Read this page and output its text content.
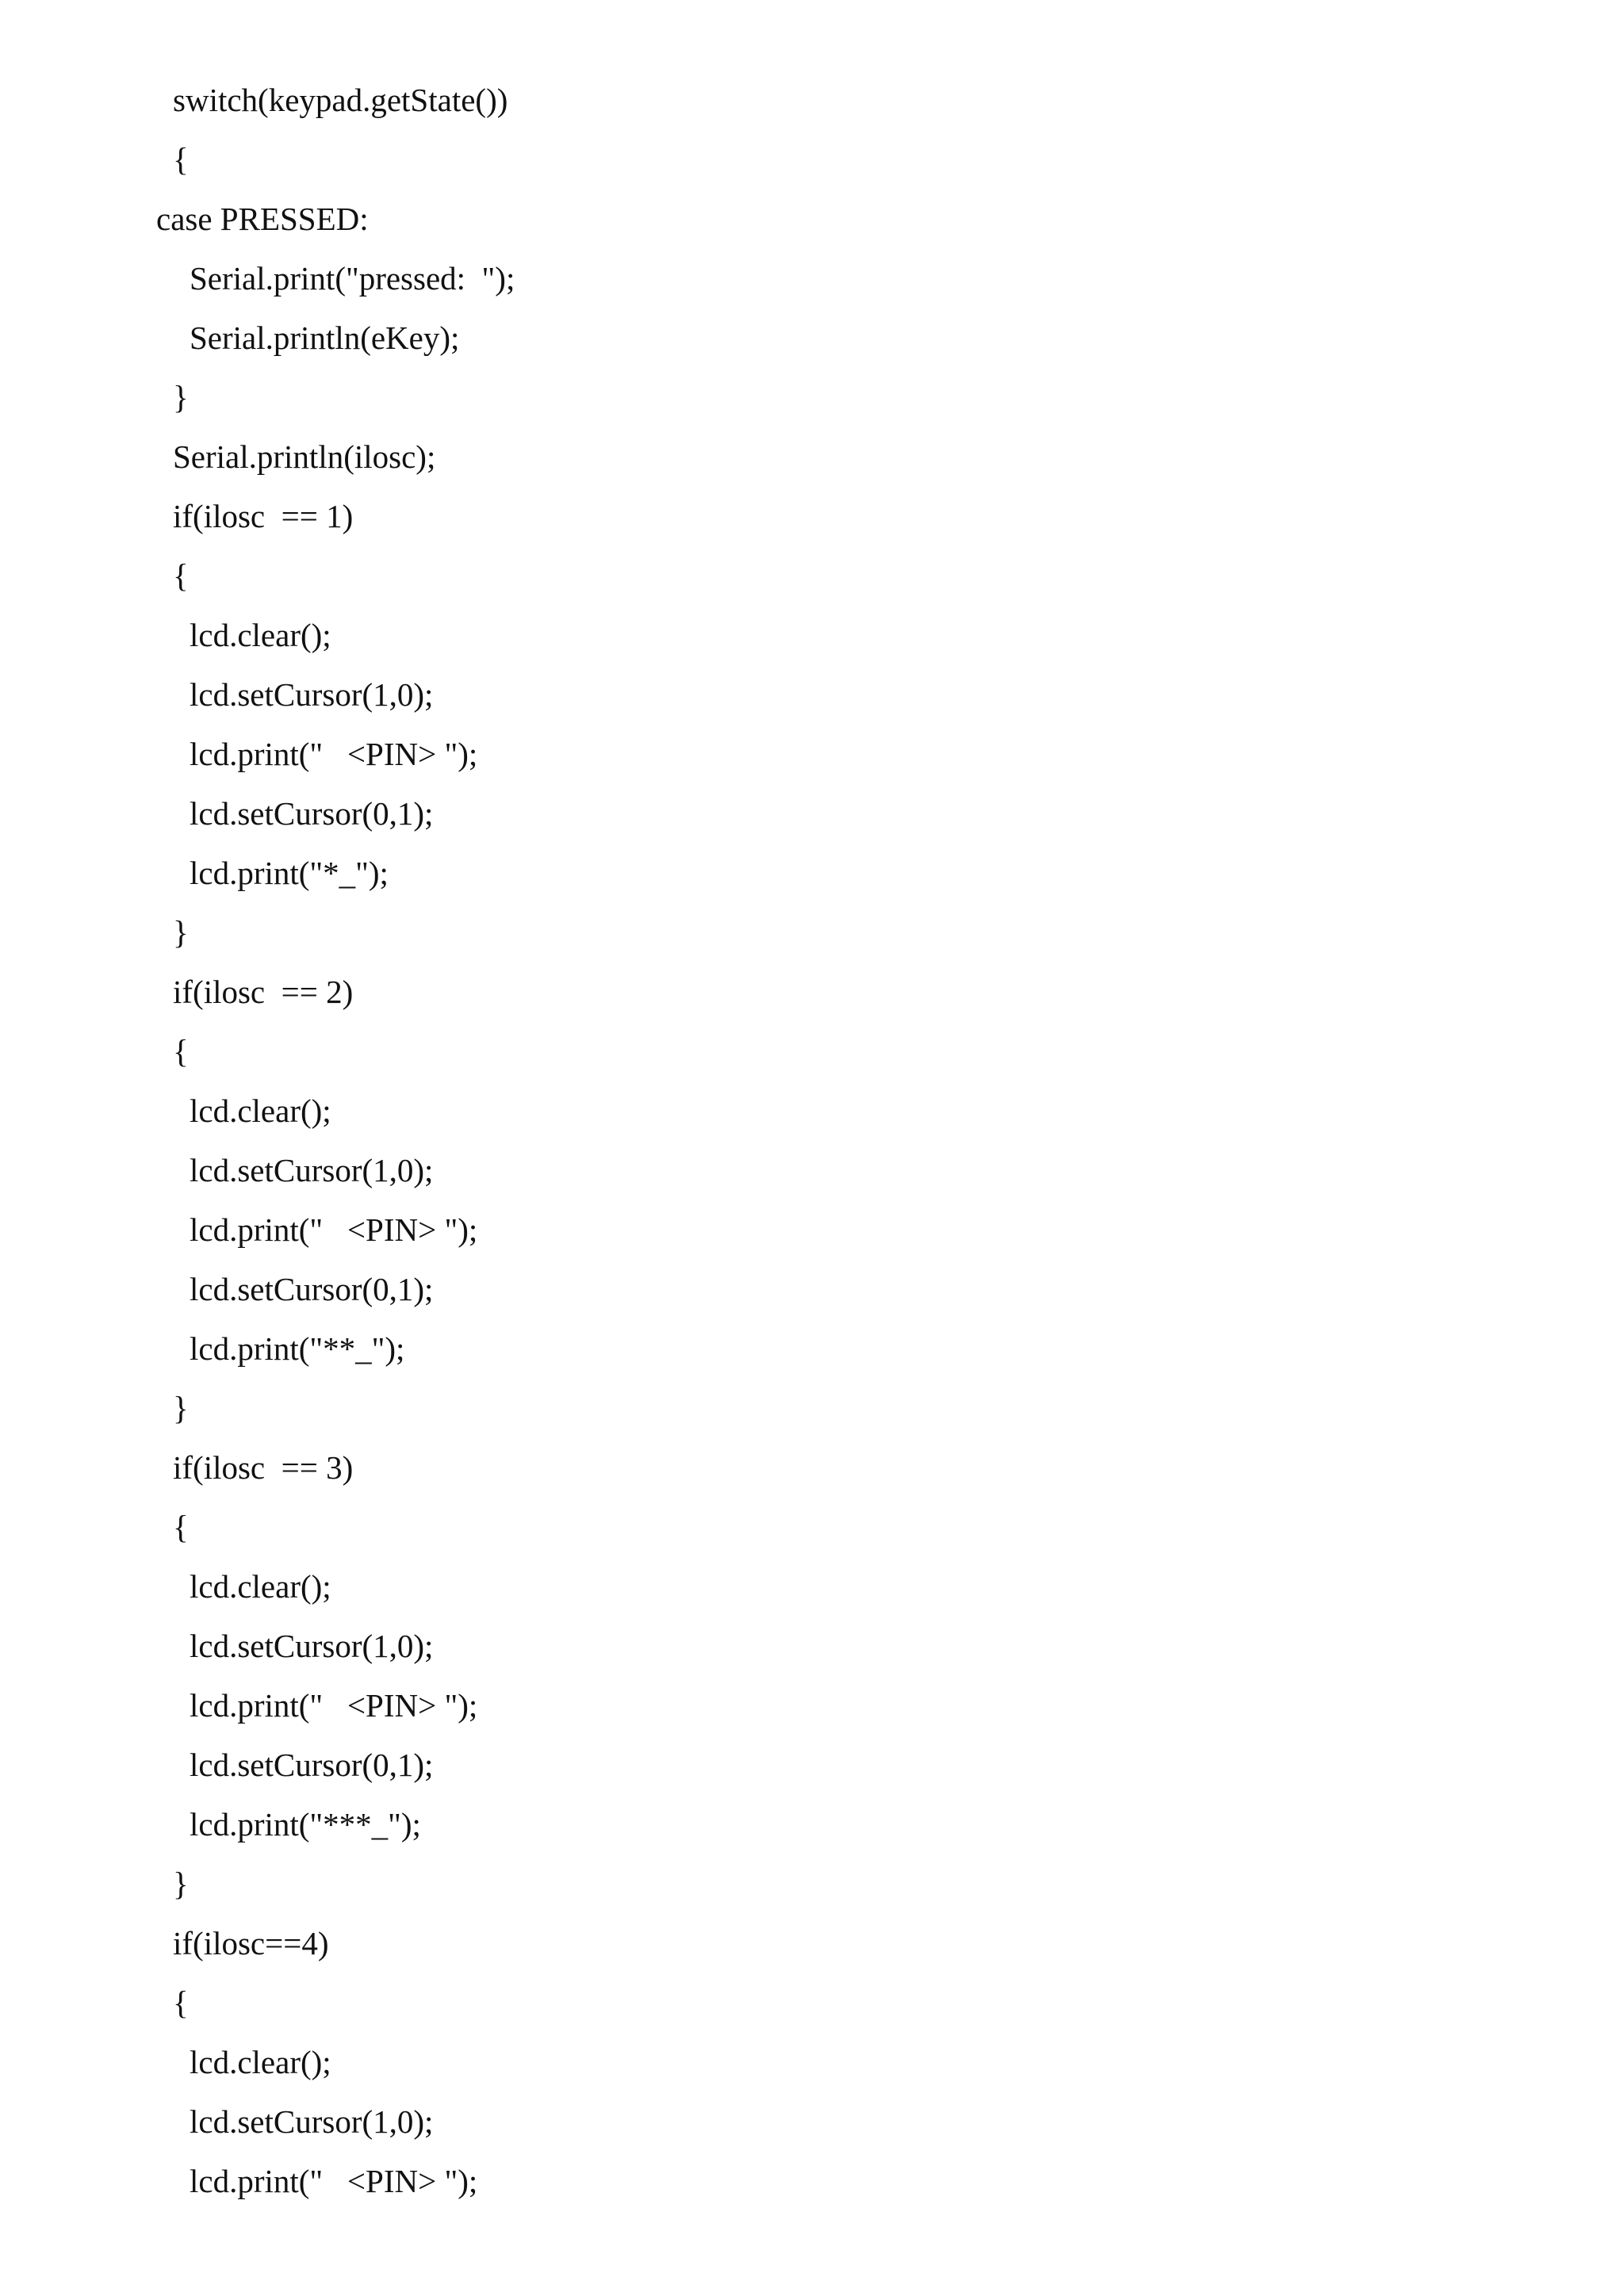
switch(keypad.getState())
{
case PRESSED:
Serial.print("pressed:  ");
Serial.println(eKey);
}
Serial.println(ilosc);
if(ilosc  == 1)
{
lcd.clear();
lcd.setCursor(1,0);
lcd.print("   <PIN> ");
lcd.setCursor(0,1);
lcd.print("*_");
}
if(ilosc  == 2)
{
lcd.clear();
lcd.setCursor(1,0);
lcd.print("   <PIN> ");
lcd.setCursor(0,1);
lcd.print("**_");
}
if(ilosc  == 3)
{
lcd.clear();
lcd.setCursor(1,0);
lcd.print("   <PIN> ");
lcd.setCursor(0,1);
lcd.print("***_");
}
if(ilosc==4)
{
lcd.clear();
lcd.setCursor(1,0);
lcd.print("   <PIN> ");
